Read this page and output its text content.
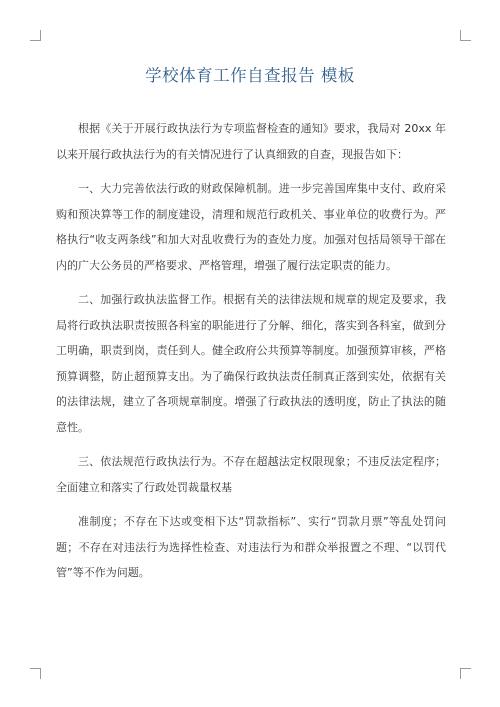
学校体育工作自查报告 模板

根据《关于开展行政执法行为专项监督检查的通知》要求，我局对 20xx 年以来开展行政执法行为的有关情况进行了认真细致的自查，现报告如下：

一、大力完善依法行政的财政保障机制。进一步完善国库集中支付、政府采购和预决算等工作的制度建设，清理和规范行政机关、事业单位的收费行为。严格执行“收支两条线”和加大对乱收费行为的查处力度。加强对包括局领导干部在内的广大公务员的严格要求、严格管理，增强了履行法定职责的能力。

二、加强行政执法监督工作。根据有关的法律法规和规章的规定及要求，我局将行政执法职责按照各科室的职能进行了分解、细化，落实到各科室，做到分工明确，职责到岗，责任到人。健全政府公共预算等制度。加强预算审核，严格预算调整，防止超预算支出。为了确保行政执法责任制真正落到实处，依据有关的法律法规，建立了各项规章制度。增强了行政执法的透明度，防止了执法的随意性。

三、依法规范行政执法行为。不存在超越法定权限现象；不违反法定程序；全面建立和落实了行政处罚裁量权基

准制度；不存在下达或变相下达“罚款指标”、实行“罚款月票”等乱处罚问题；不存在对违法行为选择性检查、对违法行为和群众举报置之不理、“以罚代管”等不作为问题。
